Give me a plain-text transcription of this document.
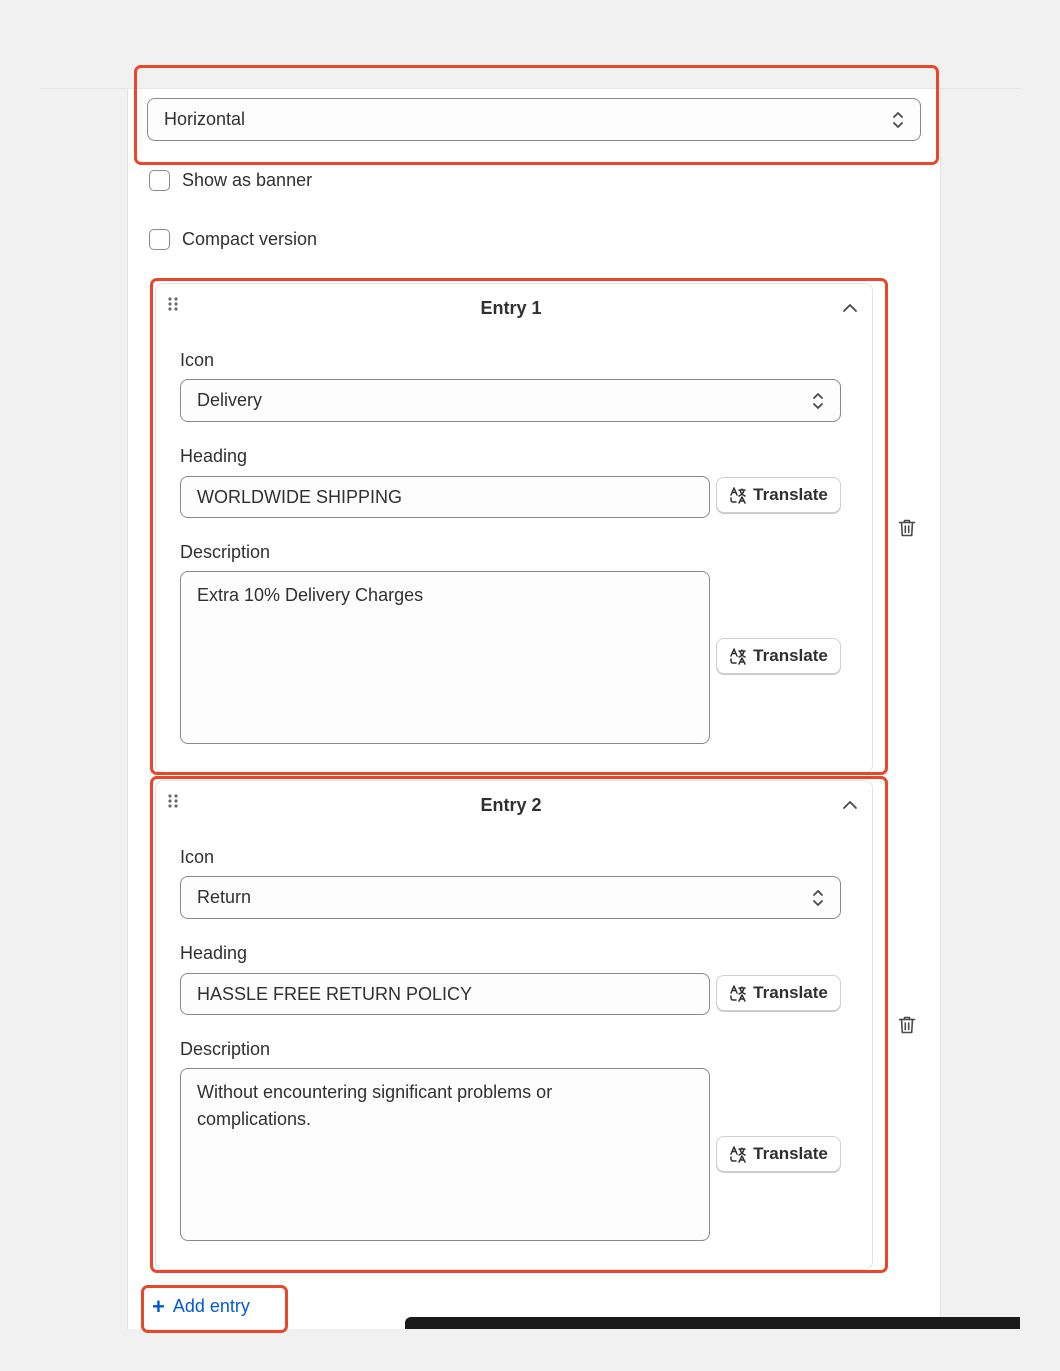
Horizontal
Show as banner
Compact version
Entry 1
Icon
Delivery
Heading
WORLDWIDE SHIPPING	Translate
Description
Extra 10% Delivery Charges
Translate
Entry 2
Icon
Return
Heading
HASSLE FREE RETURN POLICY	Translate
Description
Without encountering significant problems or
complications.
Translate
+ Add entry
